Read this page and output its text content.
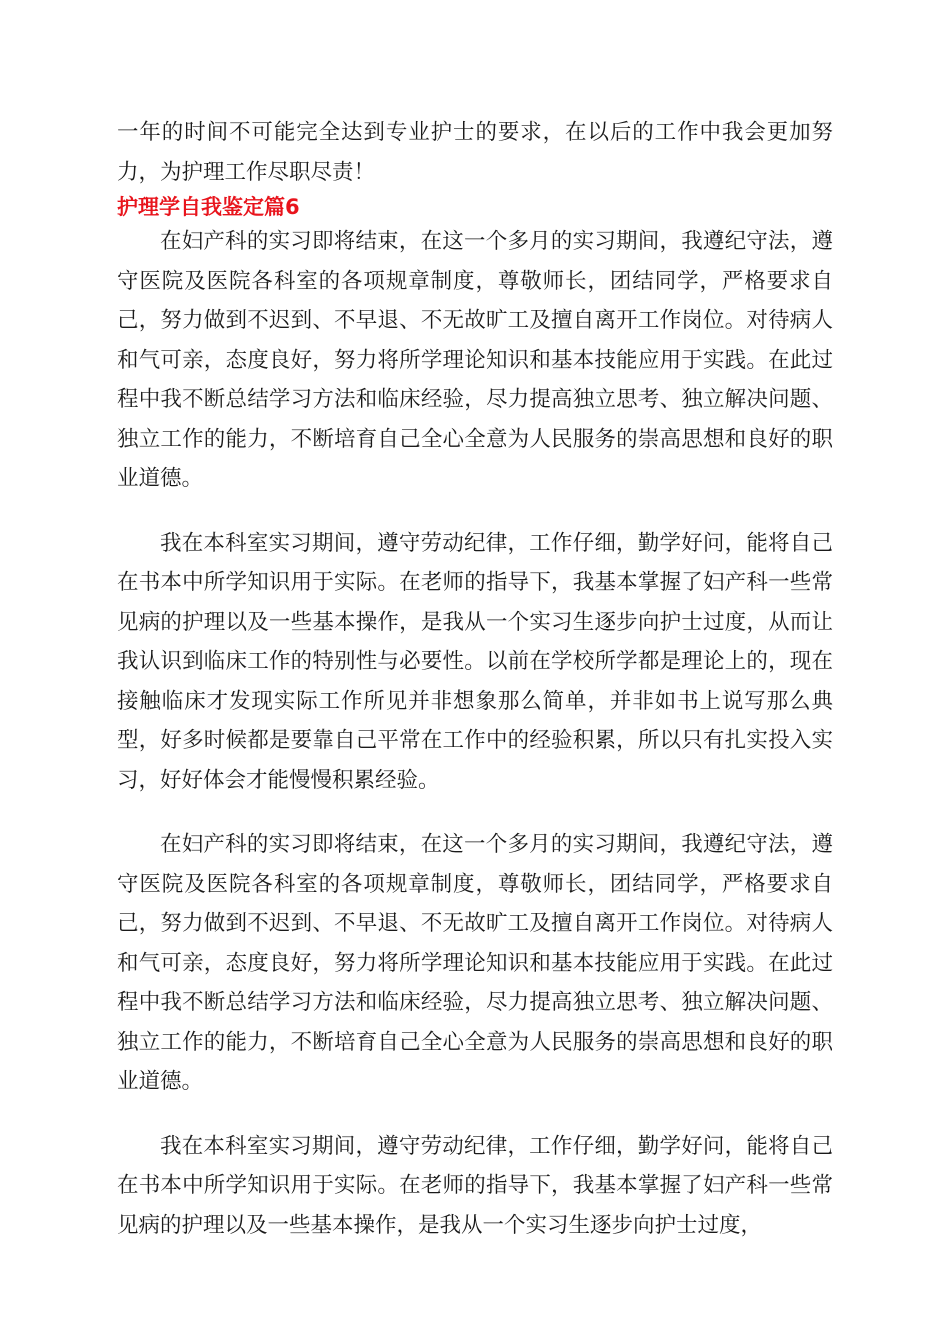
一年的时间不可能完全达到专业护士的要求，在以后的工作中我会更加努力，为护理工作尽职尽责！

护理学自我鉴定篇6

在妇产科的实习即将结束，在这一个多月的实习期间，我遵纪守法，遵守医院及医院各科室的各项规章制度，尊敬师长，团结同学，严格要求自己，努力做到不迟到、不早退、不无故旷工及擅自离开工作岗位。对待病人和气可亲，态度良好，努力将所学理论知识和基本技能应用于实践。在此过程中我不断总结学习方法和临床经验，尽力提高独立思考、独立解决问题、独立工作的能力，不断培育自己全心全意为人民服务的崇高思想和良好的职业道德。

我在本科室实习期间，遵守劳动纪律，工作仔细，勤学好问，能将自己在书本中所学知识用于实际。在老师的指导下，我基本掌握了妇产科一些常见病的护理以及一些基本操作，是我从一个实习生逐步向护士过度，从而让我认识到临床工作的特别性与必要性。以前在学校所学都是理论上的，现在接触临床才发现实际工作所见并非想象那么简单，并非如书上说写那么典型，好多时候都是要靠自己平常在工作中的经验积累，所以只有扎实投入实习，好好体会才能慢慢积累经验。

在妇产科的实习即将结束，在这一个多月的实习期间，我遵纪守法，遵守医院及医院各科室的各项规章制度，尊敬师长，团结同学，严格要求自己，努力做到不迟到、不早退、不无故旷工及擅自离开工作岗位。对待病人和气可亲，态度良好，努力将所学理论知识和基本技能应用于实践。在此过程中我不断总结学习方法和临床经验，尽力提高独立思考、独立解决问题、独立工作的能力，不断培育自己全心全意为人民服务的崇高思想和良好的职业道德。

我在本科室实习期间，遵守劳动纪律，工作仔细，勤学好问，能将自己在书本中所学知识用于实际。在老师的指导下，我基本掌握了妇产科一些常见病的护理以及一些基本操作，是我从一个实习生逐步向护士过度，
